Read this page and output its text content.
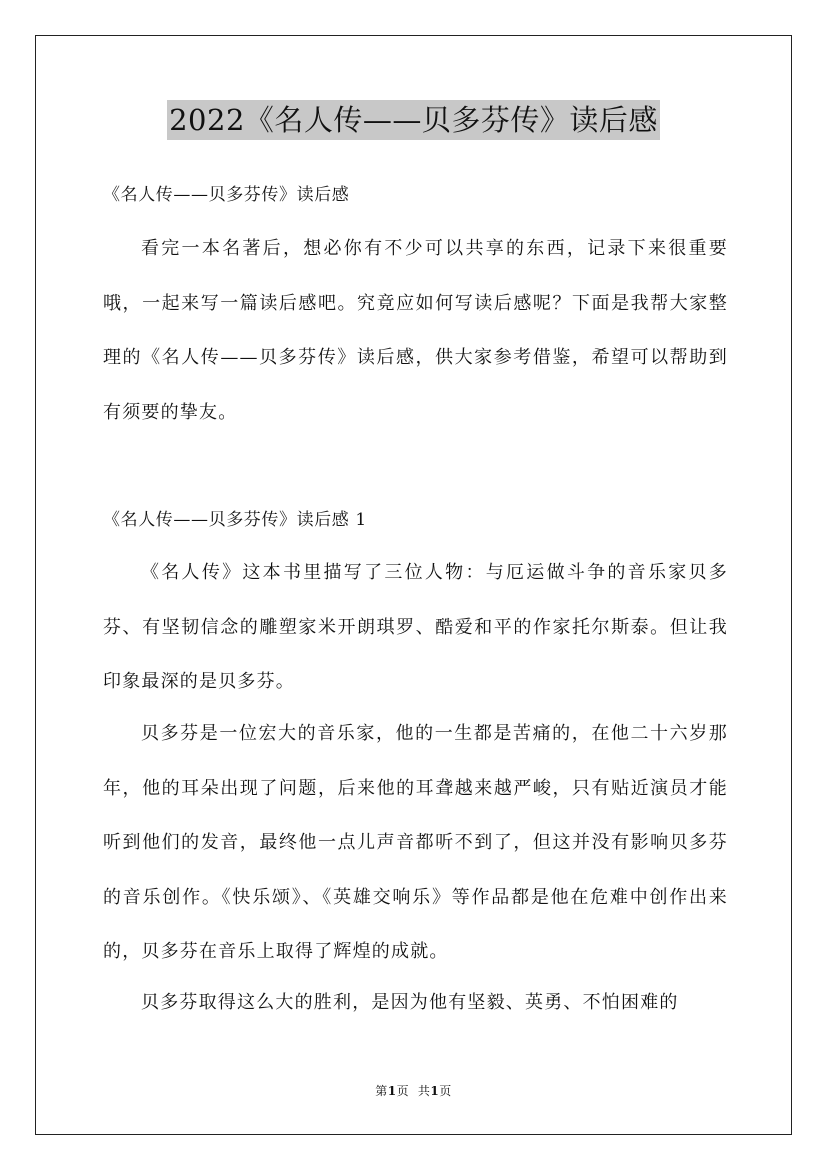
2022《名人传——贝多芬传》读后感
《名人传——贝多芬传》读后感
看完一本名著后，想必你有不少可以共享的东西，记录下来很重要哦，一起来写一篇读后感吧。究竟应如何写读后感呢？下面是我帮大家整理的《名人传——贝多芬传》读后感，供大家参考借鉴，希望可以帮助到有须要的挚友。
《名人传——贝多芬传》读后感 1
《名人传》这本书里描写了三位人物：与厄运做斗争的音乐家贝多芬、有坚韧信念的雕塑家米开朗琪罗、酷爱和平的作家托尔斯泰。但让我印象最深的是贝多芬。
贝多芬是一位宏大的音乐家，他的一生都是苦痛的，在他二十六岁那年，他的耳朵出现了问题，后来他的耳聋越来越严峻，只有贴近演员才能听到他们的发音，最终他一点儿声音都听不到了，但这并没有影响贝多芬的音乐创作。《快乐颂》、《英雄交响乐》等作品都是他在危难中创作出来的，贝多芬在音乐上取得了辉煌的成就。
贝多芬取得这么大的胜利，是因为他有坚毅、英勇、不怕困难的
第1页 共1页
